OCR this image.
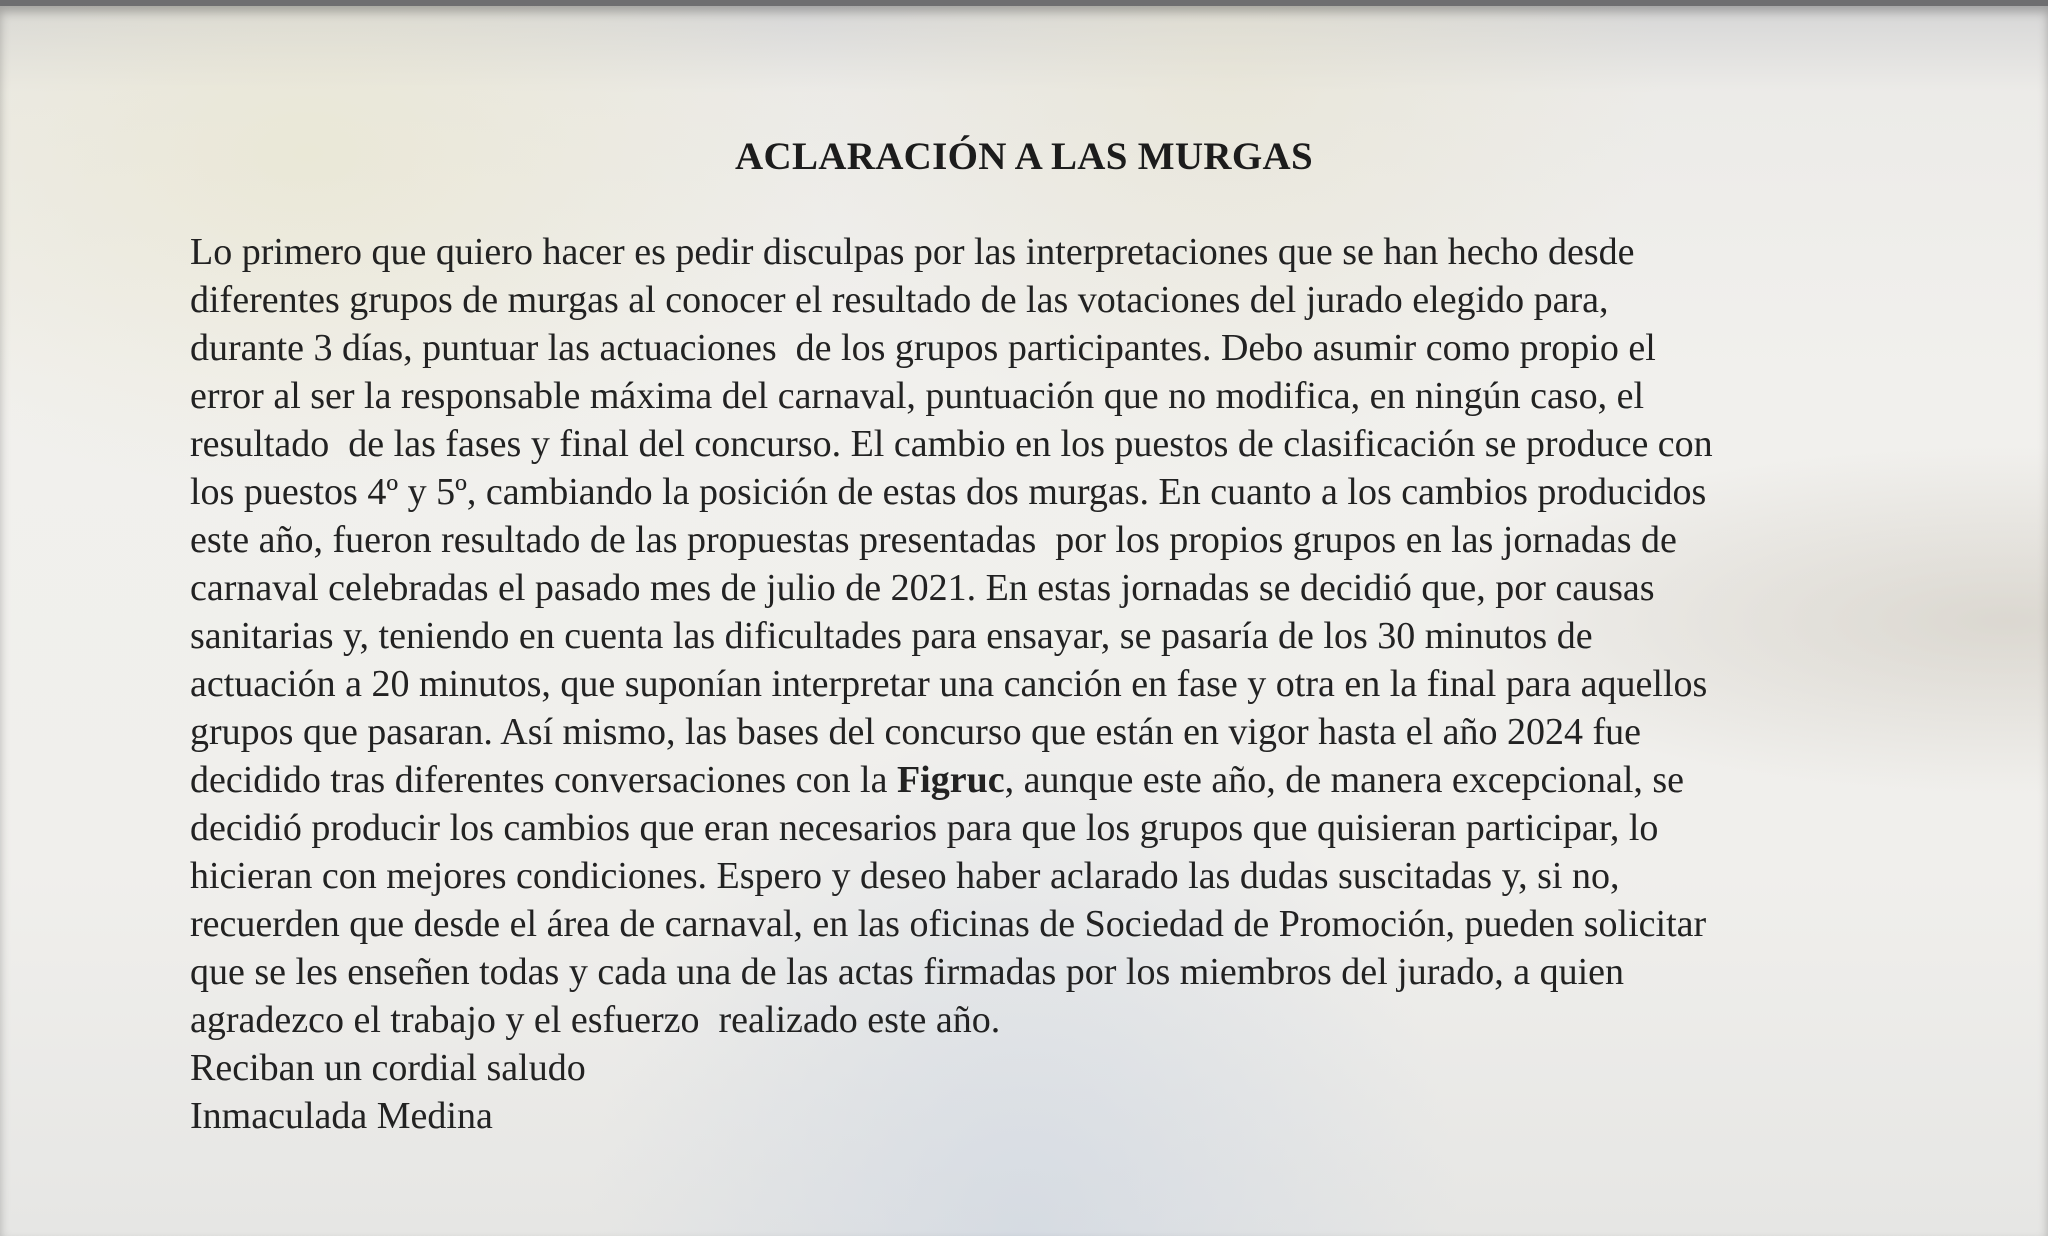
ACLARACIÓN A LAS MURGAS
Lo primero que quiero hacer es pedir disculpas por las interpretaciones que se han hecho desde
diferentes grupos de murgas al conocer el resultado de las votaciones del jurado elegido para,
durante 3 días, puntuar las actuaciones  de los grupos participantes. Debo asumir como propio el
error al ser la responsable máxima del carnaval, puntuación que no modifica, en ningún caso, el
resultado  de las fases y final del concurso. El cambio en los puestos de clasificación se produce con
los puestos 4º y 5º, cambiando la posición de estas dos murgas. En cuanto a los cambios producidos
este año, fueron resultado de las propuestas presentadas  por los propios grupos en las jornadas de
carnaval celebradas el pasado mes de julio de 2021. En estas jornadas se decidió que, por causas
sanitarias y, teniendo en cuenta las dificultades para ensayar, se pasaría de los 30 minutos de
actuación a 20 minutos, que suponían interpretar una canción en fase y otra en la final para aquellos
grupos que pasaran. Así mismo, las bases del concurso que están en vigor hasta el año 2024 fue
decidido tras diferentes conversaciones con la Figruc, aunque este año, de manera excepcional, se
decidió producir los cambios que eran necesarios para que los grupos que quisieran participar, lo
hicieran con mejores condiciones. Espero y deseo haber aclarado las dudas suscitadas y, si no,
recuerden que desde el área de carnaval, en las oficinas de Sociedad de Promoción, pueden solicitar
que se les enseñen todas y cada una de las actas firmadas por los miembros del jurado, a quien
agradezco el trabajo y el esfuerzo  realizado este año.
Reciban un cordial saludo
Inmaculada Medina
